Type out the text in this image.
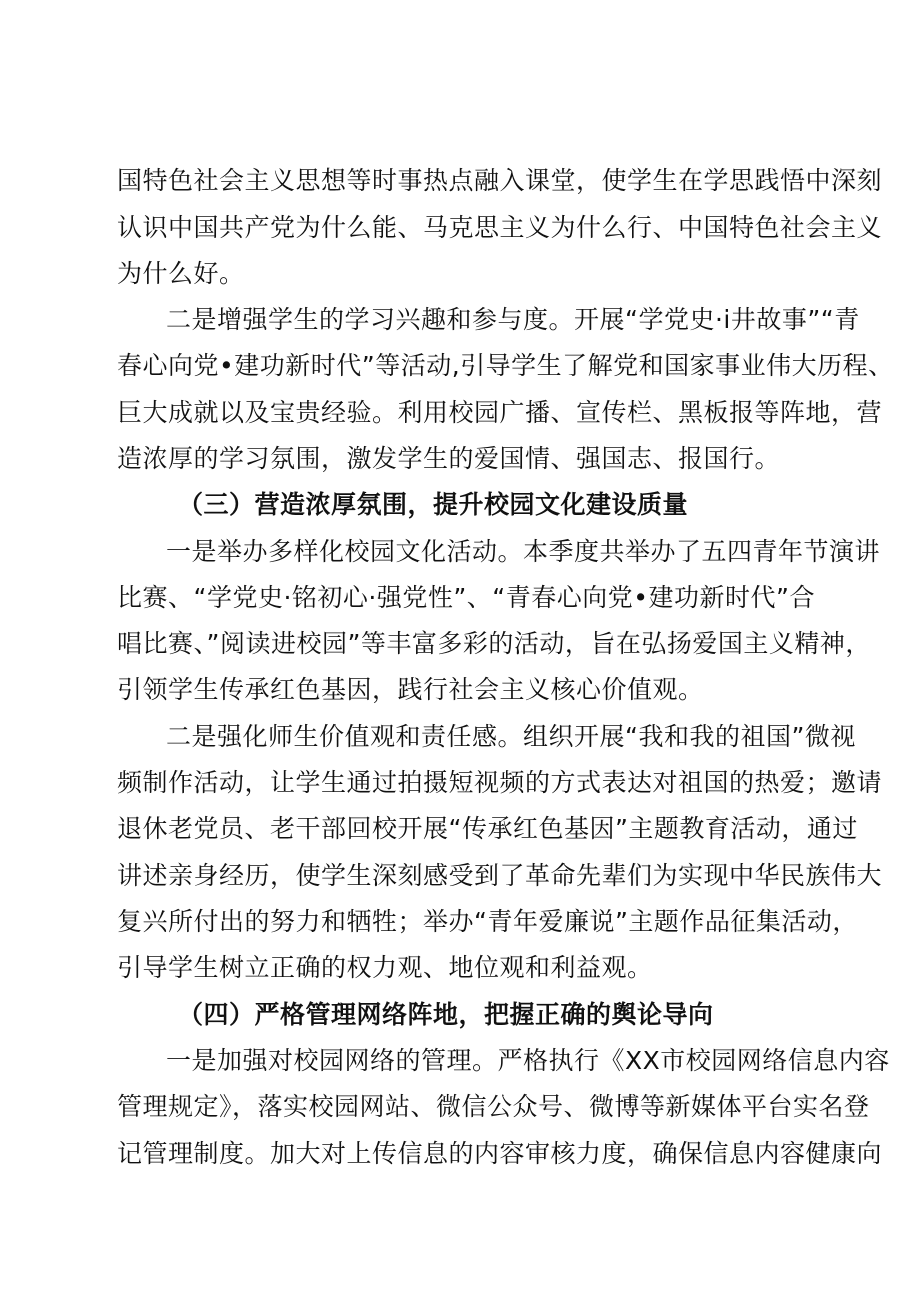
国特色社会主义思想等时事热点融入课堂，使学生在学思践悟中深刻
认识中国共产党为什么能、马克思主义为什么行、中国特色社会主义
为什么好。
二是增强学生的学习兴趣和参与度。开展“学党史·i井故事”“青
春心向党•建功新时代”等活动,引导学生了解党和国家事业伟大历程、
巨大成就以及宝贵经验。利用校园广播、宣传栏、黑板报等阵地，营
造浓厚的学习氛围，激发学生的爱国情、强国志、报国行。
（三）营造浓厚氛围，提升校园文化建设质量
一是举办多样化校园文化活动。本季度共举办了五四青年节演讲
比赛、“学党史·铭初心·强党性”、“青春心向党•建功新时代”合
唱比赛、”阅读进校园”等丰富多彩的活动，旨在弘扬爱国主义精神，
引领学生传承红色基因，践行社会主义核心价值观。
二是强化师生价值观和责任感。组织开展“我和我的祖国”微视
频制作活动，让学生通过拍摄短视频的方式表达对祖国的热爱；邀请
退休老党员、老干部回校开展“传承红色基因”主题教育活动，通过
讲述亲身经历，使学生深刻感受到了革命先辈们为实现中华民族伟大
复兴所付出的努力和牺牲；举办“青年爱廉说”主题作品征集活动，
引导学生树立正确的权力观、地位观和利益观。
（四）严格管理网络阵地，把握正确的舆论导向
一是加强对校园网络的管理。严格执行《XX市校园网络信息内容
管理规定》，落实校园网站、微信公众号、微博等新媒体平台实名登
记管理制度。加大对上传信息的内容审核力度，确保信息内容健康向
